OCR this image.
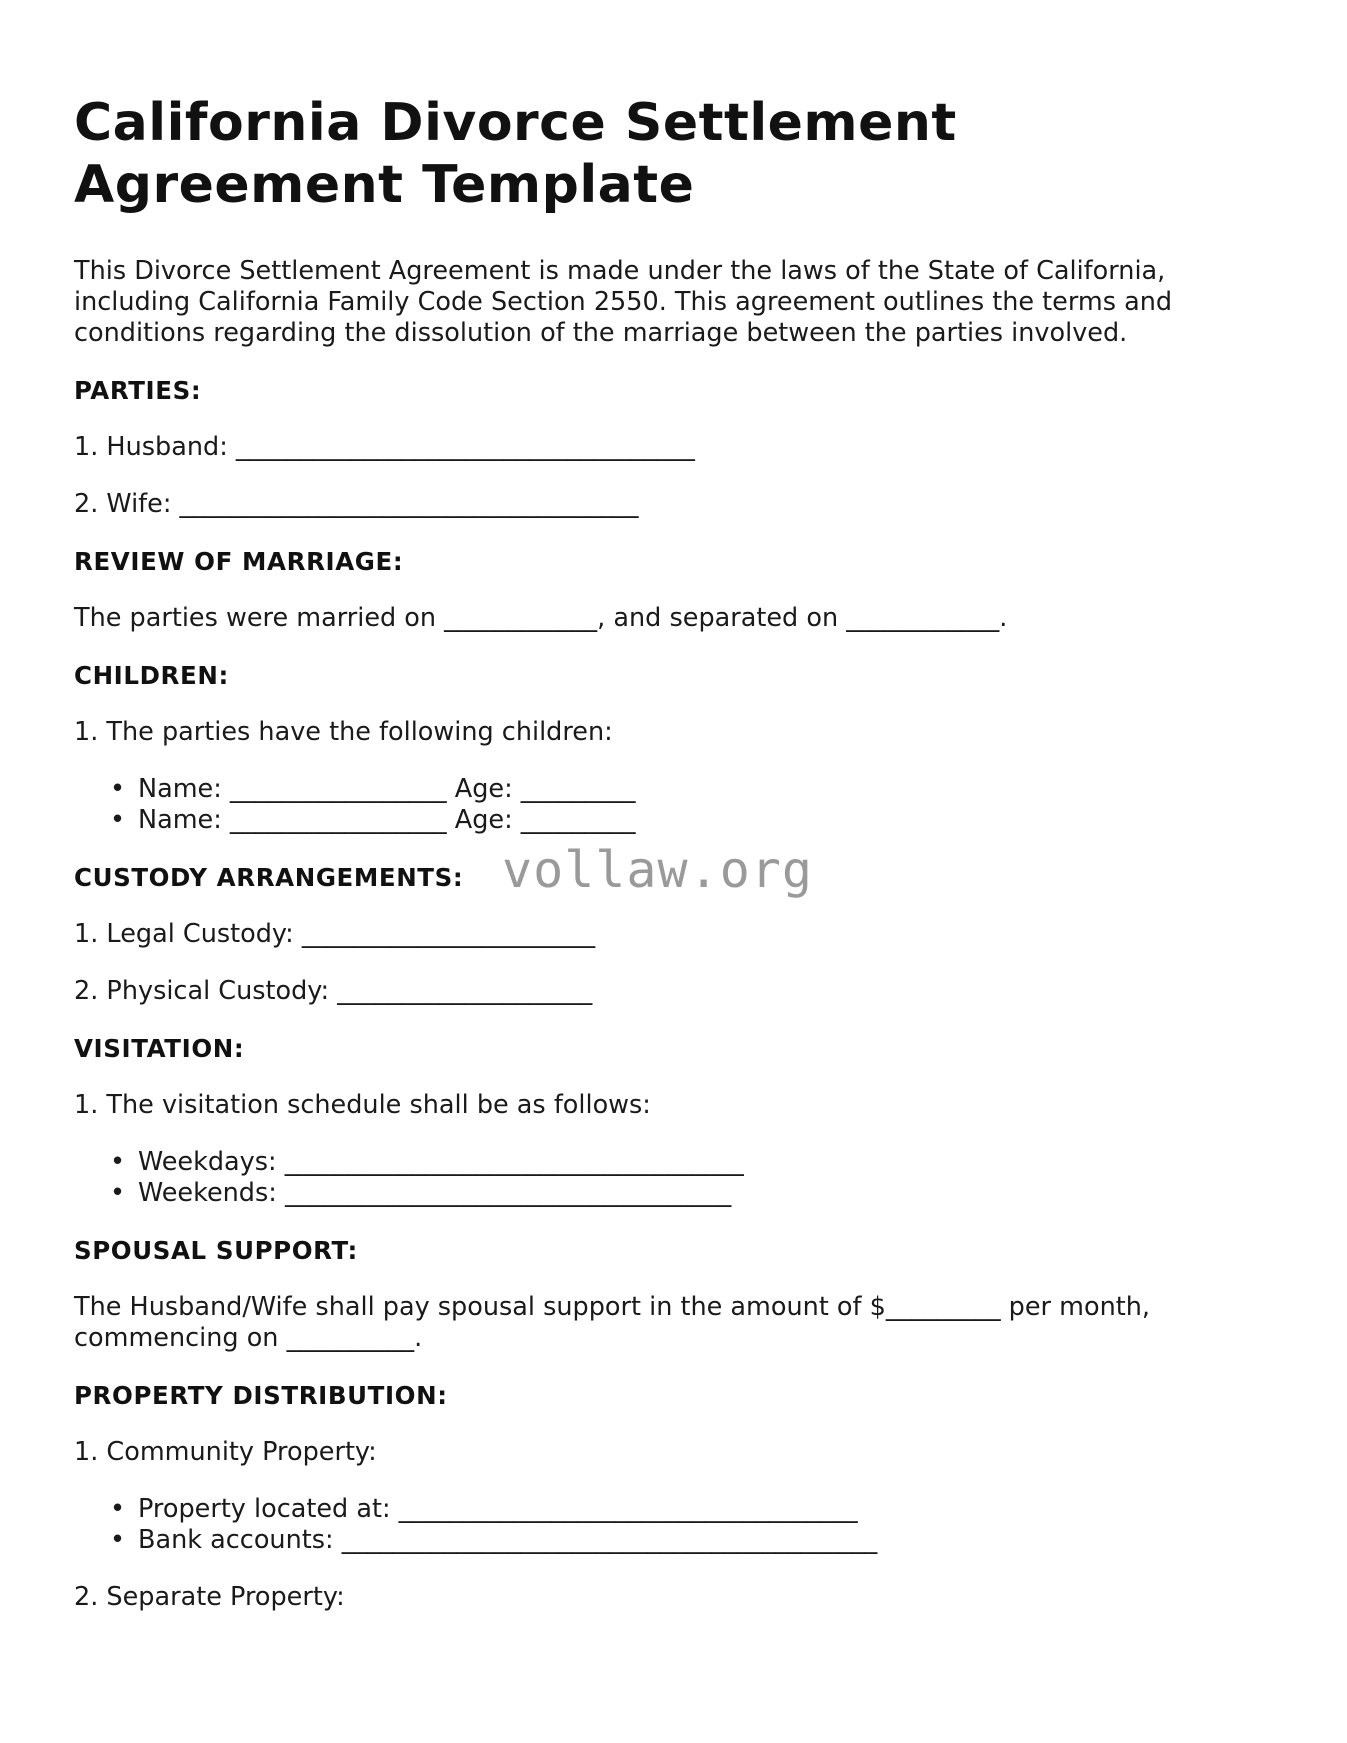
California Divorce Settlement
Agreement Template
This Divorce Settlement Agreement is made under the laws of the State of California,
including California Family Code Section 2550. This agreement outlines the terms and
conditions regarding the dissolution of the marriage between the parties involved.
PARTIES:
1. Husband: ____________________________________
2. Wife: ____________________________________
REVIEW OF MARRIAGE:
The parties were married on ____________, and separated on ____________.
CHILDREN:
1. The parties have the following children:
• Name: _________________ Age: _________
• Name: _________________ Age: _________
CUSTODY ARRANGEMENTS:
1. Legal Custody: _______________________
2. Physical Custody: ____________________
VISITATION:
1. The visitation schedule shall be as follows:
• Weekdays: ____________________________________
• Weekends: ___________________________________
SPOUSAL SUPPORT:
The Husband/Wife shall pay spousal support in the amount of $_________ per month,
commencing on __________.
PROPERTY DISTRIBUTION:
1. Community Property:
• Property located at: ____________________________________
• Bank accounts: __________________________________________
2. Separate Property:
vollaw.org
